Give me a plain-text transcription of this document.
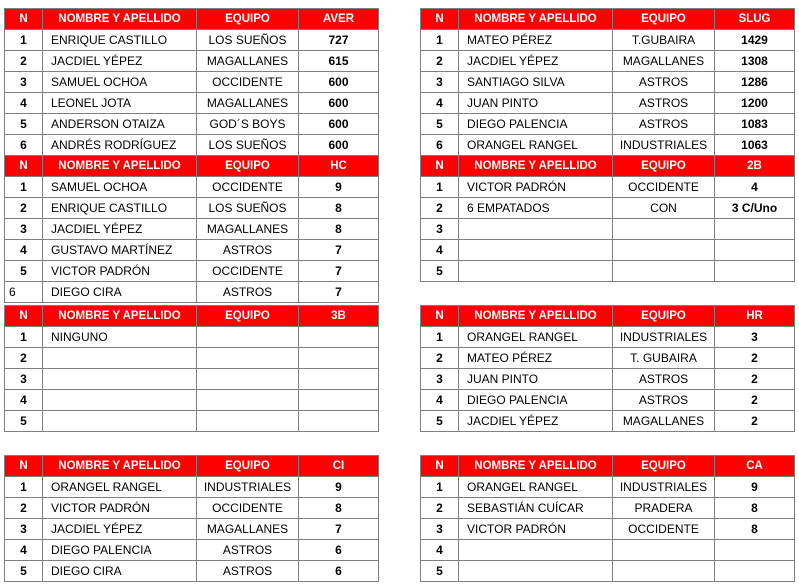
N	NOMBRE Y APELLIDO	EQUIPO	AVER
1	ENRIQUE CASTILLO	LOS SUEÑOS	727
2	JACDIEL YÉPEZ	MAGALLANES	615
3	SAMUEL OCHOA	OCCIDENTE	600
4	LEONEL JOTA	MAGALLANES	600
5	ANDERSON OTAIZA	GOD´S BOYS	600
6	ANDRÉS RODRÍGUEZ	LOS SUEÑOS	600
N	NOMBRE Y APELLIDO	EQUIPO	HC
1	SAMUEL OCHOA	OCCIDENTE	9
2	ENRIQUE CASTILLO	LOS SUEÑOS	8
3	JACDIEL YÉPEZ	MAGALLANES	8
4	GUSTAVO MARTÍNEZ	ASTROS	7
5	VICTOR PADRÓN	OCCIDENTE	7
6	DIEGO CIRA	ASTROS	7
N	NOMBRE Y APELLIDO	EQUIPO	SLUG
1	MATEO PÉREZ	T.GUBAIRA	1429
2	JACDIEL YÉPEZ	MAGALLANES	1308
3	SANTIAGO SILVA	ASTROS	1286
4	JUAN PINTO	ASTROS	1200
5	DIEGO PALENCIA	ASTROS	1083
6	ORANGEL RANGEL	INDUSTRIALES	1063
N	NOMBRE Y APELLIDO	EQUIPO	2B
1	VICTOR PADRÓN	OCCIDENTE	4
2	6 EMPATADOS	CON	3 C/Uno
3			
4			
5			
N	NOMBRE Y APELLIDO	EQUIPO	3B
1	NINGUNO		
2			
3			
4			
5			
N	NOMBRE Y APELLIDO	EQUIPO	HR
1	ORANGEL RANGEL	INDUSTRIALES	3
2	MATEO PÉREZ	T. GUBAIRA	2
3	JUAN PINTO	ASTROS	2
4	DIEGO PALENCIA	ASTROS	2
5	JACDIEL YÉPEZ	MAGALLANES	2
N	NOMBRE Y APELLIDO	EQUIPO	CI
1	ORANGEL RANGEL	INDUSTRIALES	9
2	VICTOR PADRÓN	OCCIDENTE	8
3	JACDIEL YÉPEZ	MAGALLANES	7
4	DIEGO PALENCIA	ASTROS	6
5	DIEGO CIRA	ASTROS	6
N	NOMBRE Y APELLIDO	EQUIPO	CA
1	ORANGEL RANGEL	INDUSTRIALES	9
2	SEBASTIÁN CUÍCAR	PRADERA	8
3	VICTOR PADRÓN	OCCIDENTE	8
4			
5			
